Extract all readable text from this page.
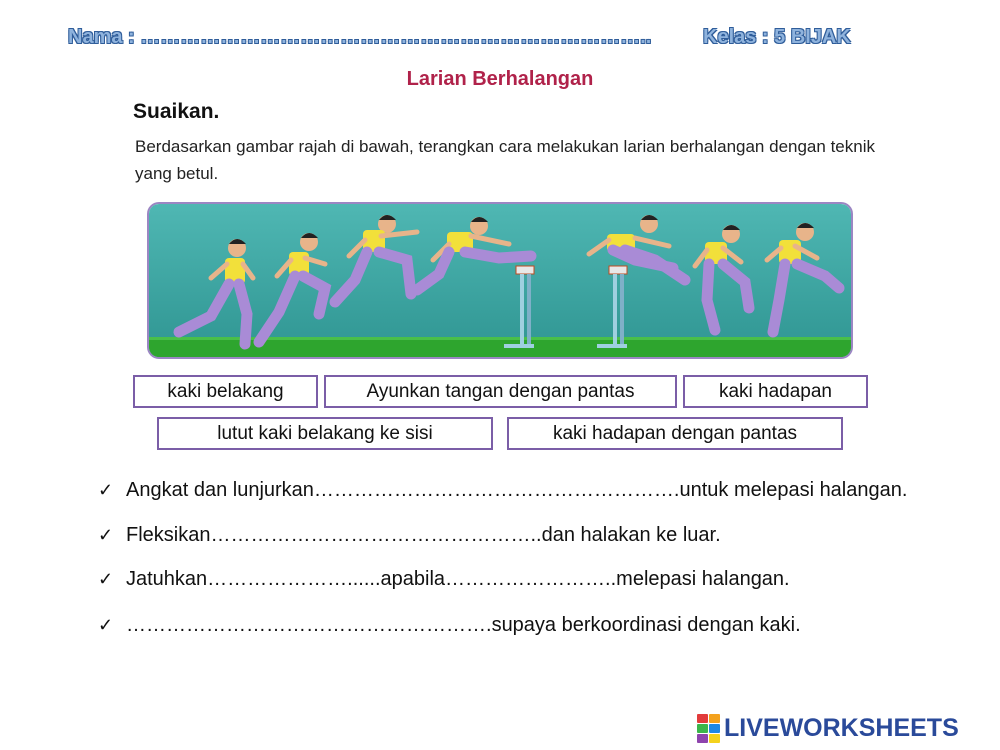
Nama : …………………………………………………………………..	Kelas : 5 BIJAK
Larian Berhalangan
Suaikan.
Berdasarkan gambar rajah di bawah, terangkan cara melakukan larian berhalangan dengan teknik yang betul.
kaki belakang	Ayunkan tangan dengan pantas	kaki hadapan
lutut kaki belakang ke sisi	kaki hadapan dengan pantas
✓ Angkat dan lunjurkan ………………………………………………. untuk melepasi halangan.
✓ Fleksikan ………………………………………….. dan halakan ke luar.
✓ Jatuhkan …………………...... apabila …………………….. melepasi halangan.
✓ ………………………………………………. supaya berkoordinasi dengan kaki.
LIVEWORKSHEETS
